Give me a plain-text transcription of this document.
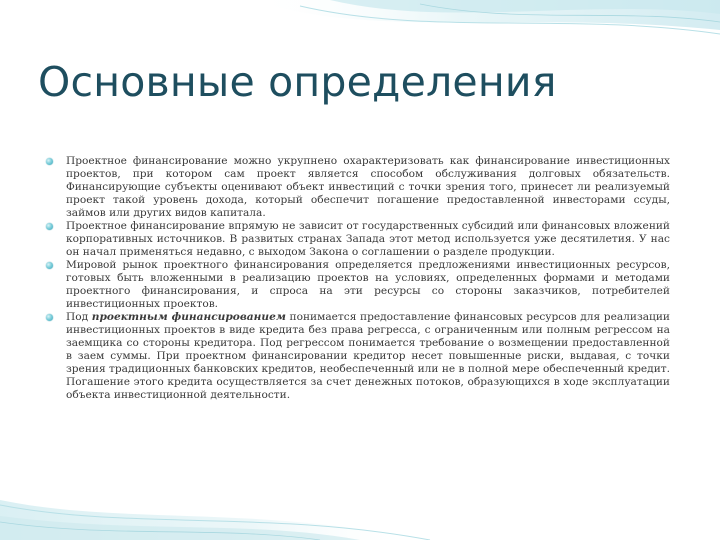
Основные определения
Проектное финансирование можно укрупнено охарактеризовать как финансирование инвестиционных проектов, при котором сам проект является способом обслуживания долговых обязательств. Финансирующие субъекты оценивают объект инвестиций с точки зрения того, принесет ли реализуемый проект такой уровень дохода, который обеспечит погашение предоставленной инвесторами ссуды, займов или других видов капитала.
Проектное финансирование впрямую не зависит от государственных субсидий или финансовых вложений корпоративных источников. В развитых странах Запада этот метод используется уже десятилетия. У нас он начал применяться недавно, с выходом Закона о соглашении о разделе продукции.
Мировой рынок проектного финансирования определяется предложениями инвестиционных ресурсов, готовых быть вложенными в реализацию проектов на условиях, определенных формами и методами проектного финансирования, и спроса на эти ресурсы со стороны заказчиков, потребителей инвестиционных проектов.
Под проектным финансированием понимается предоставление финансовых ресурсов для реализации инвестиционных проектов в виде кредита без права регресса, с ограниченным или полным регрессом на заемщика со стороны кредитора. Под регрессом понимается требование о возмещении предоставленной в заем суммы. При проектном финансировании кредитор несет повышенные риски, выдавая, с точки зрения традиционных банковских кредитов, необеспеченный или не в полной мере обеспеченный кредит. Погашение этого кредита осуществляется за счет денежных потоков, образующихся в ходе эксплуатации объекта инвестиционной деятельности.
